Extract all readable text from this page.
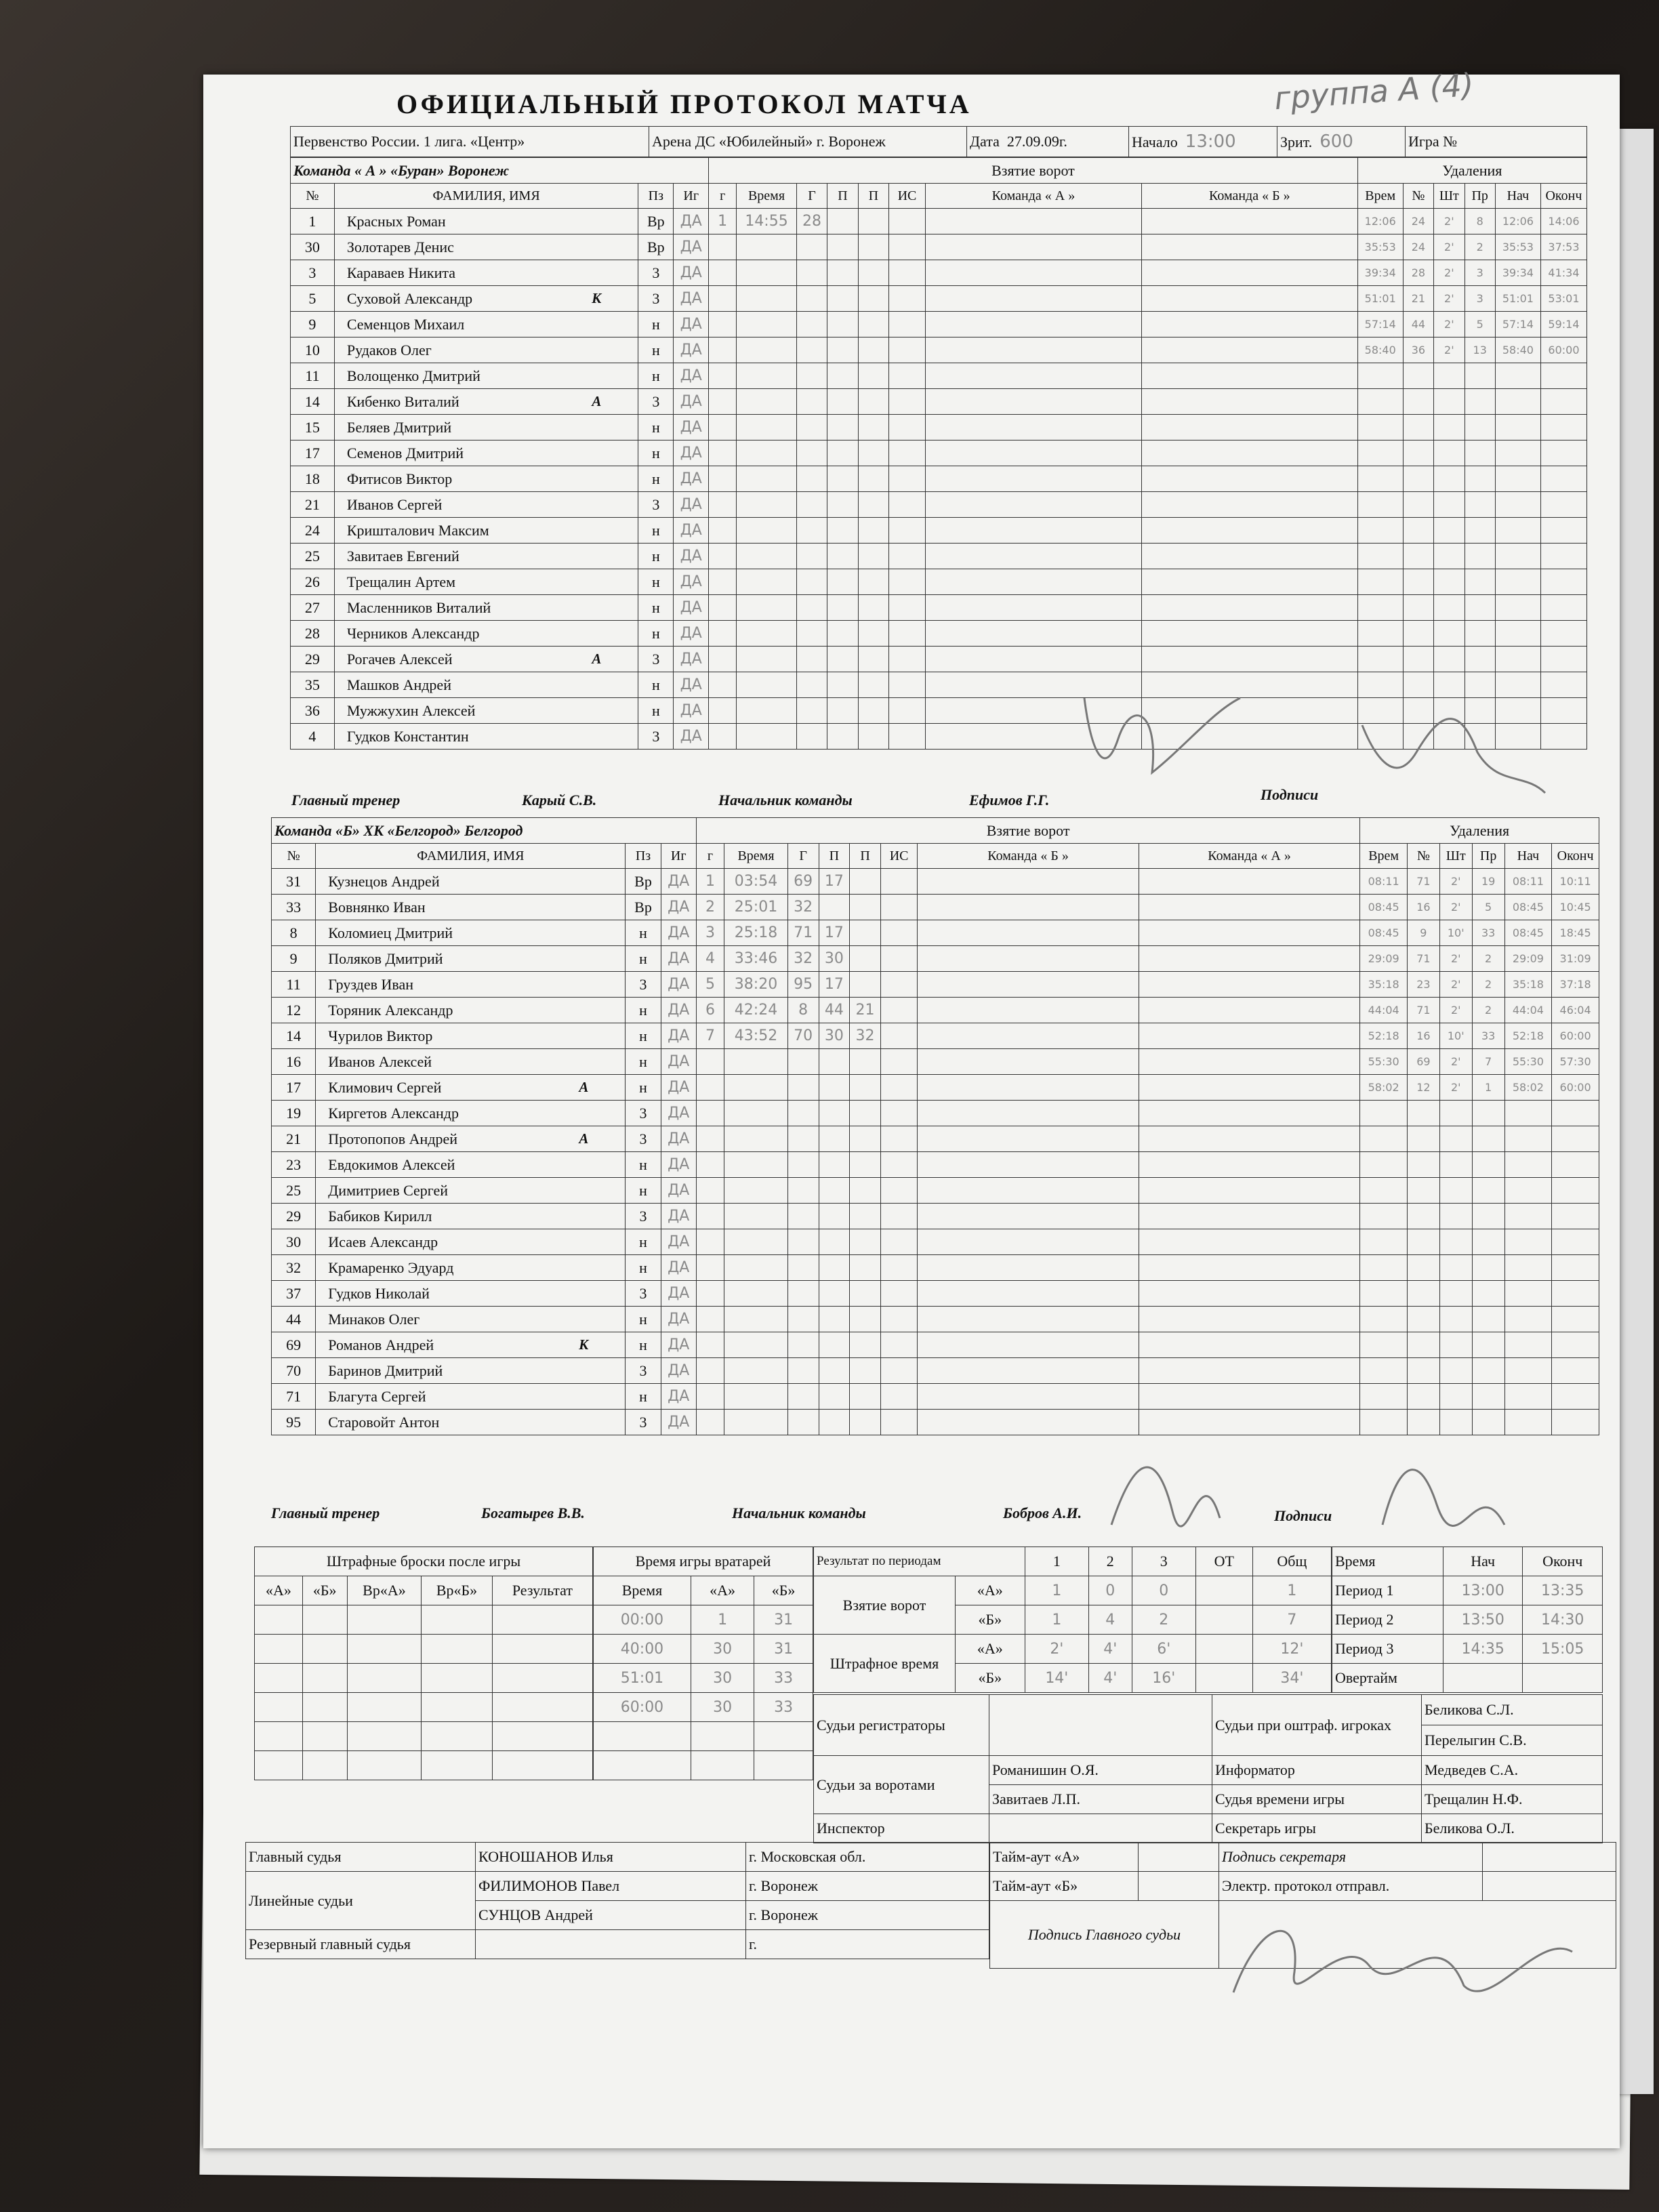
ОФИЦИАЛЬНЫЙ ПРОТОКОЛ МАТЧА	группа А (4)
Первенство России. 1 лига. «Центр»	Арена ДС «Юбилейный» г. Воронеж	Дата 27.09.09г.	Начало 13:00	Зрит. 600	Игра №
Команда « А » «Буран» Воронеж				Взятие ворот								Удаления					
№	ФАМИЛИЯ, ИМЯ	Пз	Иг	г	Время	Г	П	П	ИС	Команда « А »	Команда « Б »	Врем	№	Шт	Пр	Нач	Оконч
1	Красных Роман	Вр	ДА	1	14:55	28						12:06	24	2'	8	12:06	14:06
30	Золотарев Денис	Вр	ДА									35:53	24	2'	2	35:53	37:53
3	Караваев Никита	3	ДА									39:34	28	2'	3	39:34	41:34
5	Суховой Александр К	3	ДА									51:01	21	2'	3	51:01	53:01
9	Семенцов Михаил	н	ДА									57:14	44	2'	5	57:14	59:14
10	Рудаков Олег	н	ДА									58:40	36	2'	13	58:40	60:00
11	Волощенко Дмитрий	н	ДА														
14	Кибенко Виталий А	3	ДА														
15	Беляев Дмитрий	н	ДА														
17	Семенов Дмитрий	н	ДА														
18	Фитисов Виктор	н	ДА														
21	Иванов Сергей	3	ДА														
24	Кришталович Максим	н	ДА														
25	Завитаев Евгений	н	ДА														
26	Трещалин Артем	н	ДА														
27	Масленников Виталий	н	ДА														
28	Черников Александр	н	ДА														
29	Рогачев Алексей А	3	ДА														
35	Машков Андрей	н	ДА														
36	Мужжухин Алексей	н	ДА														
4	Гудков Константин	3	ДА														
Главный тренер	Карый С.В.	Начальник команды	Ефимов Г.Г.	Подписи
Команда «Б» ХК «Белгород» Белгород				Взятие ворот								Удаления					
№	ФАМИЛИЯ, ИМЯ	Пз	Иг	г	Время	Г	П	П	ИС	Команда « Б »	Команда « А »	Врем	№	Шт	Пр	Нач	Оконч
31	Кузнецов Андрей	Вр	ДА	1	03:54	69	17					08:11	71	2'	19	08:11	10:11
33	Вовнянко Иван	Вр	ДА	2	25:01	32						08:45	16	2'	5	08:45	10:45
8	Коломиец Дмитрий	н	ДА	3	25:18	71	17					08:45	9	10'	33	08:45	18:45
9	Поляков Дмитрий	н	ДА	4	33:46	32	30					29:09	71	2'	2	29:09	31:09
11	Груздев Иван	3	ДА	5	38:20	95	17					35:18	23	2'	2	35:18	37:18
12	Торяник Александр	н	ДА	6	42:24	8	44	21				44:04	71	2'	2	44:04	46:04
14	Чурилов Виктор	н	ДА	7	43:52	70	30	32				52:18	16	10'	33	52:18	60:00
16	Иванов Алексей	н	ДА									55:30	69	2'	7	55:30	57:30
17	Климович Сергей А	н	ДА									58:02	12	2'	1	58:02	60:00
19	Киргетов Александр	3	ДА														
21	Протопопов Андрей А	3	ДА														
23	Евдокимов Алексей	н	ДА														
25	Димитриев Сергей	н	ДА														
29	Бабиков Кирилл	3	ДА														
30	Исаев Александр	н	ДА														
32	Крамаренко Эдуард	н	ДА														
37	Гудков Николай	3	ДА														
44	Минаков Олег	н	ДА														
69	Романов Андрей К	н	ДА														
70	Баринов Дмитрий	3	ДА														
71	Благута Сергей	н	ДА														
95	Старовойт Антон	3	ДА														
Главный тренер	Богатырев В.В.	Начальник команды	Бобров А.И.	Подписи
Штрафные броски после игры				
«А»	«Б»	Вр«А»	Вр«Б»	Результат

Время игры вратарей		
Время	«А»	«Б»
00:00	1	31
40:00	30	31
51:01	30	33
60:00	30	33

Результат по периодам		1	2	3	ОТ	Общ
Взятие ворот	«А»	1	0	0		1
	«Б»	1	4	2		7
Штрафное время	«А»	2'	4'	6'		12'
	«Б»	14'	4'	16'		34'
Время	Нач	Оконч
Период 1	13:00	13:35
Период 2	13:50	14:30
Период 3	14:35	15:05
Овертайм		
Судьи регистраторы		Судьи при оштраф. игроках	Беликова С.Л.
Перелыгин С.В.

Судьи за воротами	Романишин О.Я.	Информатор	Медведев С.А.
	Завитаев Л.П.	Судья времени игры	Трещалин Н.Ф.
Инспектор		Секретарь игры	Беликова О.Л.
Главный судья	КОНОШАНОВ Илья	г. Московская обл.
Линейные судьи	ФИЛИМОНОВ Павел	г. Воронеж
	СУНЦОВ Андрей	г. Воронеж
Резервный главный судья		г.
Тайм-аут «А»		Подпись секретаря	
Тайм-аут «Б»		Электр. протокол отправл.	
Подпись Главного судьи			
